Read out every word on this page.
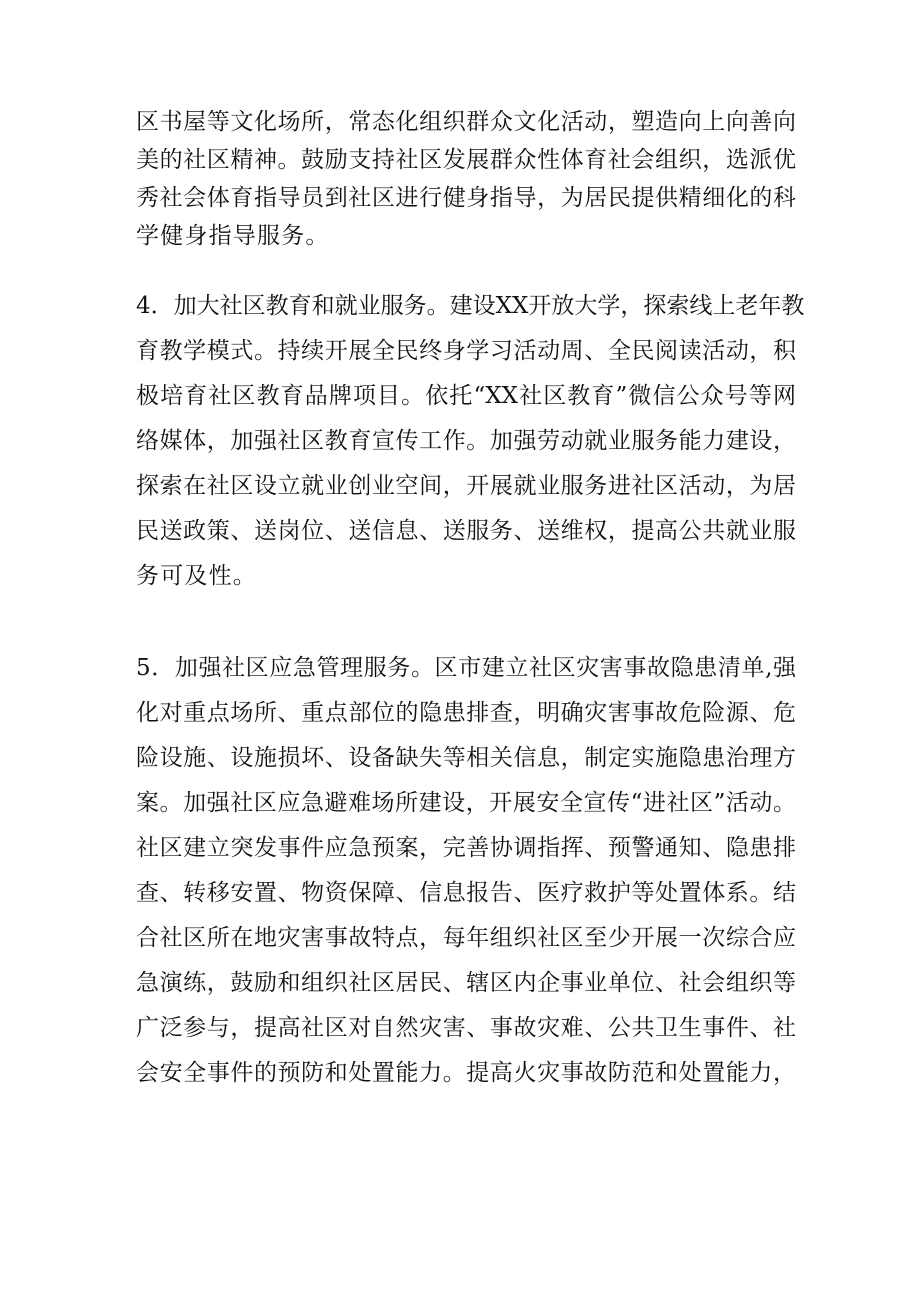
区书屋等文化场所，常态化组织群众文化活动，塑造向上向善向
美的社区精神。鼓励支持社区发展群众性体育社会组织，选派优
秀社会体育指导员到社区进行健身指导，为居民提供精细化的科
学健身指导服务。
4．加大社区教育和就业服务。建设XX开放大学，探索线上老年教
育教学模式。持续开展全民终身学习活动周、全民阅读活动，积
极培育社区教育品牌项目。依托“XX社区教育”微信公众号等网
络媒体，加强社区教育宣传工作。加强劳动就业服务能力建设，
探索在社区设立就业创业空间，开展就业服务进社区活动，为居
民送政策、送岗位、送信息、送服务、送维权，提高公共就业服
务可及性。
5．加强社区应急管理服务。区市建立社区灾害事故隐患清单,强
化对重点场所、重点部位的隐患排查，明确灾害事故危险源、危
险设施、设施损坏、设备缺失等相关信息，制定实施隐患治理方
案。加强社区应急避难场所建设，开展安全宣传“进社区”活动。
社区建立突发事件应急预案，完善协调指挥、预警通知、隐患排
查、转移安置、物资保障、信息报告、医疗救护等处置体系。结
合社区所在地灾害事故特点，每年组织社区至少开展一次综合应
急演练，鼓励和组织社区居民、辖区内企事业单位、社会组织等
广泛参与，提高社区对自然灾害、事故灾难、公共卫生事件、社
会安全事件的预防和处置能力。提高火灾事故防范和处置能力，
